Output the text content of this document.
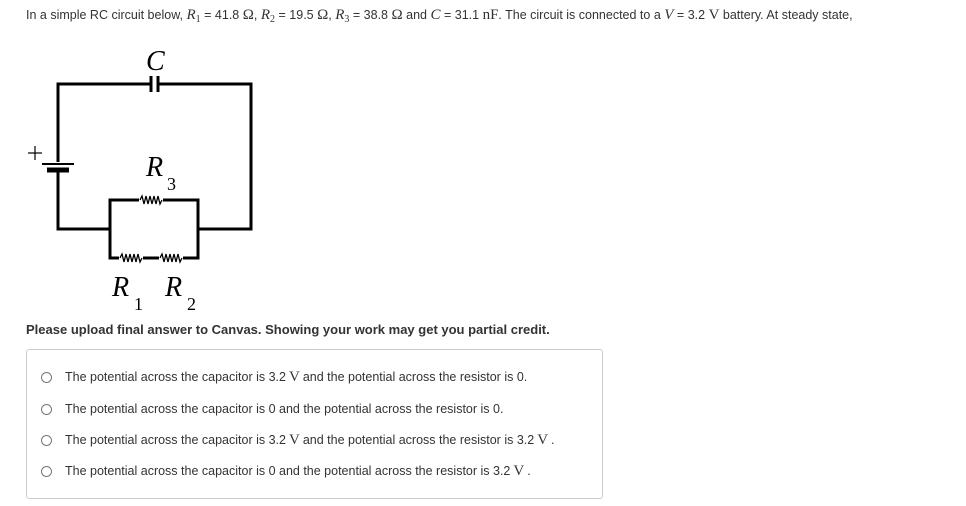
In a simple RC circuit below, $R_1 = 41.8$ Ω, $R_2 = 19.5$ Ω, $R_3 = 38.8$ Ω and C = 31.1 nF. The circuit is connected to a V = 3.2 V battery. At steady state,
C
R
3
R
1
R
2
Please upload final answer to Canvas. Showing your work may get you partial credit.
The potential across the capacitor is 3.2 V and the potential across the resistor is 0.
The potential across the capacitor is 0 and the potential across the resistor is 0.
The potential across the capacitor is 3.2 V and the potential across the resistor is 3.2 V .
The potential across the capacitor is 0 and the potential across the resistor is 3.2 V .
